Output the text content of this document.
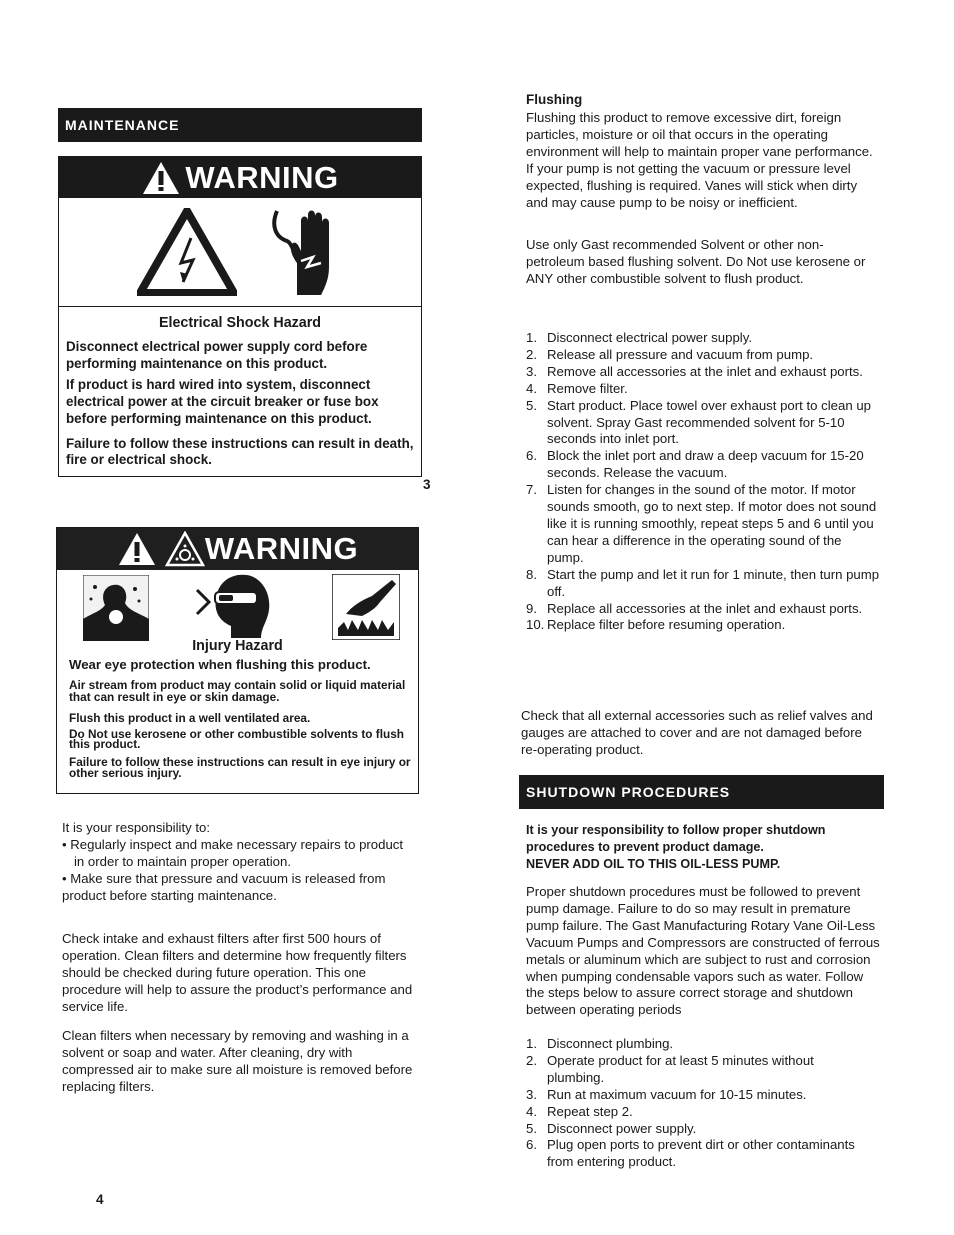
MAINTENANCE
WARNING
Electrical Shock Hazard
Disconnect electrical power supply cord before performing maintenance on this product.
If product is hard wired into system, disconnect electrical power at the circuit breaker or fuse box before performing maintenance on this product.
Failure to follow these instructions can result in death, fire or electrical shock.
3
WARNING
Injury Hazard
Wear eye protection when flushing this product.
Air stream from product may contain solid or liquid material that can result in eye or skin damage.
Flush this product in a well ventilated area.
Do Not use kerosene or other combustible solvents to flush this product.
Failure to follow these instructions can result in eye injury or other serious injury.
It is your responsibility to:
• Regularly inspect and make necessary repairs to product in order to maintain proper operation.
• Make sure that pressure and vacuum is released from product before starting maintenance.
Check intake and exhaust filters after first 500 hours of operation. Clean filters and determine how frequently filters should be checked during future operation. This one procedure will help to assure the product’s performance and service life.
Clean filters when necessary by removing and washing in a solvent or soap and water. After cleaning, dry with compressed air to make sure all moisture is removed before replacing filters.
4
Flushing
Flushing this product to remove excessive dirt, foreign particles, moisture or oil that occurs in the operating environment will help to maintain proper vane performance. If your pump is not getting the vacuum or pressure level expected, flushing is required. Vanes will stick when dirty and may cause pump to be noisy or inefficient.
Use only Gast recommended Solvent or other non-petroleum based flushing solvent. Do Not use kerosene or ANY other combustible solvent to flush product.
1. Disconnect electrical power supply.
2. Release all pressure and vacuum from pump.
3. Remove all accessories at the inlet and exhaust ports.
4. Remove filter.
5. Start product. Place towel over exhaust port to clean up solvent. Spray Gast recommended solvent for 5-10 seconds into inlet port.
6. Block the inlet port and draw a deep vacuum for 15-20 seconds. Release the vacuum.
7. Listen for changes in the sound of the motor. If motor sounds smooth, go to next step. If motor does not sound like it is running smoothly, repeat steps 5 and 6 until you can hear a difference in the operating sound of the pump.
8. Start the pump and let it run for 1 minute, then turn pump off.
9. Replace all accessories at the inlet and exhaust ports.
10. Replace filter before resuming operation.
Check that all external accessories such as relief valves and gauges are attached to cover and are not damaged before re-operating product.
SHUTDOWN PROCEDURES
It is your responsibility to follow proper shutdown procedures to prevent product damage.
NEVER ADD OIL TO THIS OIL-LESS PUMP.
Proper shutdown procedures must be followed to prevent pump damage. Failure to do so may result in premature pump failure. The Gast Manufacturing Rotary Vane Oil-Less Vacuum Pumps and Compressors are constructed of ferrous metals or aluminum which are subject to rust and corrosion when pumping condensable vapors such as water. Follow the steps below to assure correct storage and shutdown between operating periods
1. Disconnect plumbing.
2. Operate product for at least 5 minutes without plumbing.
3. Run at maximum vacuum for 10-15 minutes.
4. Repeat step 2.
5. Disconnect power supply.
6. Plug open ports to prevent dirt or other contaminants from entering product.
